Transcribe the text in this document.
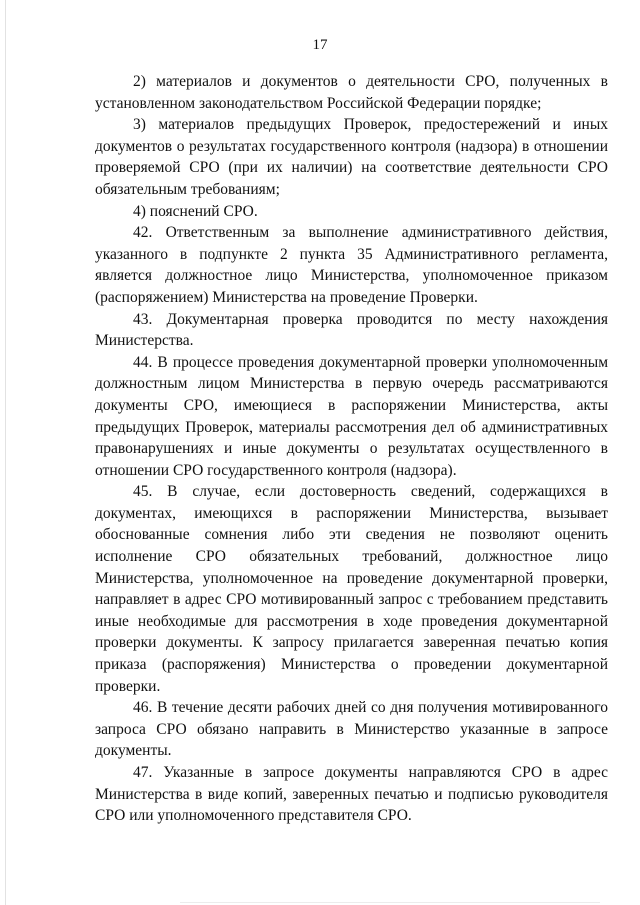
17

2) материалов и документов о деятельности СРО, полученных в установленном законодательством Российской Федерации порядке;

3) материалов предыдущих Проверок, предостережений и иных документов о результатах государственного контроля (надзора) в отношении проверяемой СРО (при их наличии) на соответствие деятельности СРО обязательным требованиям;

4) пояснений СРО.

42. Ответственным за выполнение административного действия, указанного в подпункте 2 пункта 35 Административного регламента, является должностное лицо Министерства, уполномоченное приказом (распоряжением) Министерства на проведение Проверки.

43. Документарная проверка проводится по месту нахождения Министерства.

44. В процессе проведения документарной проверки уполномоченным должностным лицом Министерства в первую очередь рассматриваются документы СРО, имеющиеся в распоряжении Министерства, акты предыдущих Проверок, материалы рассмотрения дел об административных правонарушениях и иные документы о результатах осуществленного в отношении СРО государственного контроля (надзора).

45. В случае, если достоверность сведений, содержащихся в документах, имеющихся в распоряжении Министерства, вызывает обоснованные сомнения либо эти сведения не позволяют оценить исполнение СРО обязательных требований, должностное лицо Министерства, уполномоченное на проведение документарной проверки, направляет в адрес СРО мотивированный запрос с требованием представить иные необходимые для рассмотрения в ходе проведения документарной проверки документы. К запросу прилагается заверенная печатью копия приказа (распоряжения) Министерства о проведении документарной проверки.

46. В течение десяти рабочих дней со дня получения мотивированного запроса СРО обязано направить в Министерство указанные в запросе документы.

47. Указанные в запросе документы направляются СРО в адрес Министерства в виде копий, заверенных печатью и подписью руководителя СРО или уполномоченного представителя СРО.
